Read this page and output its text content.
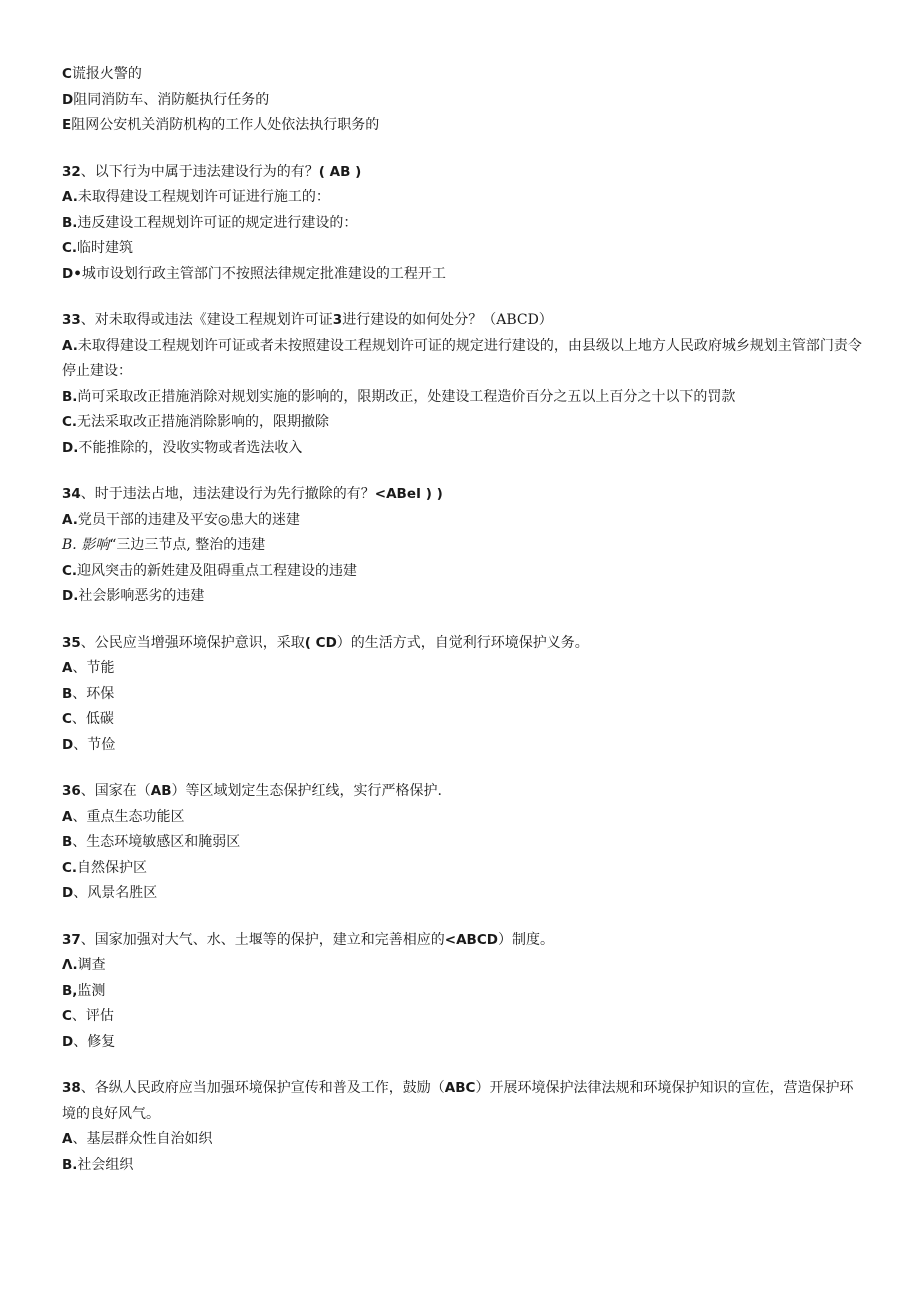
C谎报火警的
D阻同消防车、消防艇执行任务的
E阻网公安机关消防机构的工作人处依法执行职务的
32、以下行为中属于违法建设行为的有？( AB )
A.未取得建设工程规划许可证进行施工的：
B.违反建设工程规划许可证的规定进行建设的：
C.临时建筑
D•城市设划行政主管部门不按照法律规定批准建设的工程开工
33、对未取得或违法《建设工程规划许可证3进行建设的如何处分？（ABCD）
A.未取得建设工程规划许可证或者未按照建设工程规划许可证的规定进行建设的，由县级以上地方人民政府城乡规划主管部门责令停止建设：
B.尚可采取改正措施消除对规划实施的影响的，限期改正，处建设工程造价百分之五以上百分之十以下的罚款
C.无法采取改正措施消除影响的，限期撤除
D.不能推除的，没收实物或者选法收入
34、时于违法占地，违法建设行为先行撤除的有？<ABeI ) )
A.党员干部的违建及平安◎患大的迷建
B. 影响“三边三节点, 整治的违建
C.迎风突击的新姓建及阻碍重点工程建设的违建
D.社会影响恶劣的违建
35、公民应当增强环境保护意识，采取( CD）的生活方式，自觉利行环境保护义务。
A、节能
B、环保
C、低碳
D、节俭
36、国家在（AB）等区域划定生态保护红线，实行严格保护.
A、重点生态功能区
B、生态环境敏感区和腌弱区
C.自然保护区
D、风景名胜区
37、国家加强对大气、水、土堰等的保护，建立和完善相应的<ABCD）制度。
Λ.调查
B,监测
C、评估
D、修复
38、各纵人民政府应当加强环境保护宣传和普及工作，鼓励（ABC）开展环境保护法律法规和环境保护知识的宣佐，营造保护环境的良好风气。
A、基层群众性自治如织
B.社会组织
